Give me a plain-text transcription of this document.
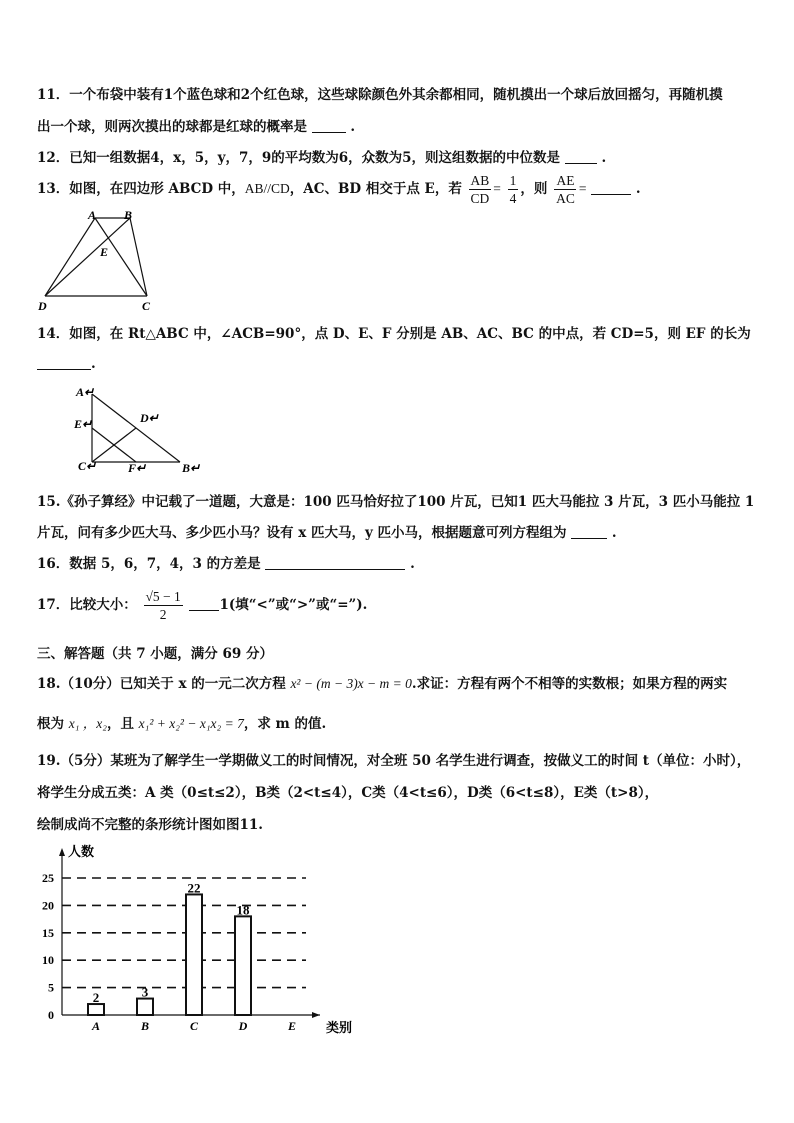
11．一个布袋中装有1个蓝色球和2个红色球，这些球除颜色外其余都相同，随机摸出一个球后放回摇匀，再随机摸
出一个球，则两次摸出的球都是红球的概率是	.
12．已知一组数据4，x，5，y，7，9的平均数为6，众数为5，则这组数据的中位数是	.
13．如图，在四边形 ABCD 中，AB//CD，AC、BD 相交于点 E，若 $\frac{AB}{CD} = \frac{1}{4}$ ，则 $\frac{AE}{AC}$ =	.
A B
E
D	C
14．如图，在 Rt△ABC 中，∠ACB=90°，点 D、E、F 分别是 AB、AC、BC 的中点，若 CD=5，则 EF 的长为
.
A↵
E↵	D↵
C↵	F↵	B↵
15.《孙子算经》中记载了一道题，大意是：100 匹马恰好拉了100 片瓦，已知1 匹大马能拉 3 片瓦，3 匹小马能拉 1
片瓦，问有多少匹大马、多少匹小马？设有 x 匹大马，y 匹小马，根据题意可列方程组为	.
16．数据 5，6，7，4，3 的方差是	.
17．比较大小： $\frac{√5 - 1}{2}$	1(填“<”或“>”或“=”).
三、解答题（共 7 小题，满分 69 分）
18.（10分）已知关于 x 的一元二次方程 x² − (m − 3)x − m = 0.求证：方程有两个不相等的实数根；如果方程的两实
根为 x₁ ，x₂，且 x₁² + x₂² − x₁x₂ = 7，求 m 的值.
19.（5分）某班为了解学生一学期做义工的时间情况，对全班 50 名学生进行调查，按做义工的时间 t（单位：小时），
将学生分成五类：A 类（0≤t≤2），B类（2<t≤4），C类（4<t≤6），D类（6<t≤8），E类（t>8），
绘制成尚不完整的条形统计图如图11.
0
5
10
15
20
25
人数
类别
2
A
3
B
22
C
18
D	E
